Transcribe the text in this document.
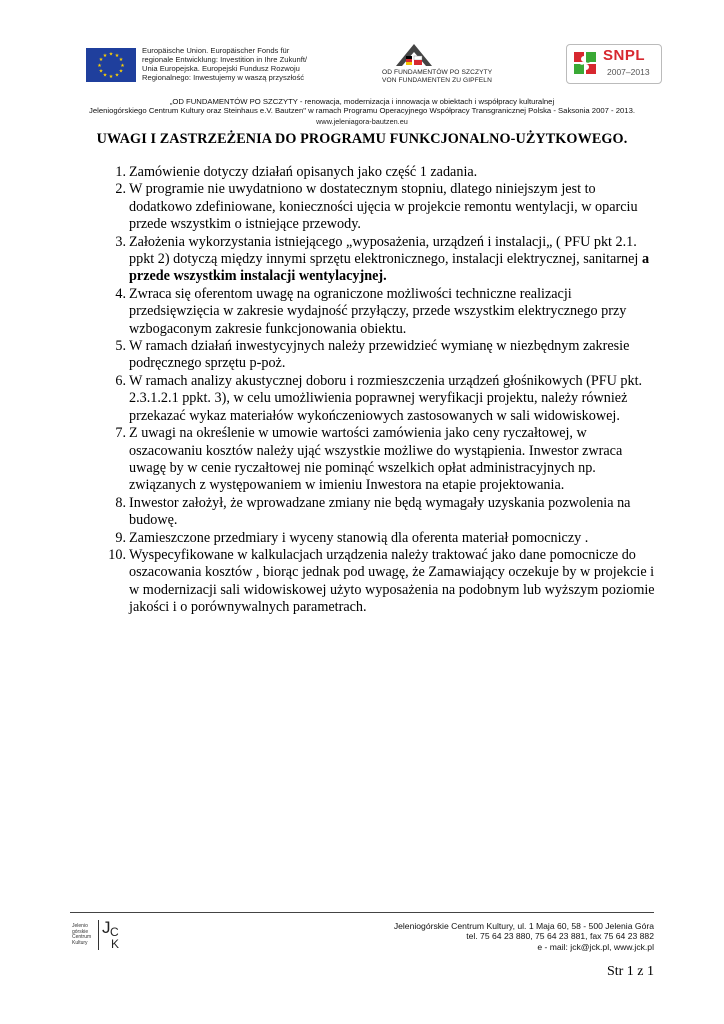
★ ★
★
★
★
★
★
★
★
★
★
★
Europäische Union. Europäischer Fonds für
regionale Entwicklung: Investition in Ihre Zukunft/
Unia Europejska. Europejski Fundusz Rozwoju
Regionalnego: Inwestujemy w waszą przyszłość
OD FUNDAMENTÓW PO SZCZYTY
VON FUNDAMENTEN ZU GIPFELN
SNPL
2007–2013
„OD FUNDAMENTÓW PO SZCZYTY - renowacja, modernizacja i innowacja w obiektach i współpracy kulturalnej
Jeleniogórskiego Centrum Kultury oraz Steinhaus e.V. Bautzen" w ramach Programu Operacyjnego Współpracy Transgranicznej Polska - Saksonia 2007 - 2013.
www.jeleniagora-bautzen.eu
UWAGI I ZASTRZEŻENIA DO PROGRAMU FUNKCJONALNO-UŻYTKOWEGO.
1. Zamówienie dotyczy działań opisanych jako część 1 zadania.
2. W programie nie uwydatniono w dostatecznym stopniu, dlatego niniejszym jest to dodatkowo zdefiniowane, konieczności ujęcia w projekcie remontu wentylacji, w oparciu przede wszystkim o istniejące przewody.
3. Założenia wykorzystania istniejącego „wyposażenia, urządzeń i instalacji„ ( PFU pkt 2.1. ppkt 2) dotyczą między innymi sprzętu elektronicznego, instalacji elektrycznej, sanitarnej a przede wszystkim instalacji wentylacyjnej.
4. Zwraca się oferentom uwagę na ograniczone możliwości techniczne realizacji przedsięwzięcia w zakresie wydajność przyłączy, przede wszystkim elektrycznego przy wzbogaconym zakresie funkcjonowania obiektu.
5. W ramach działań inwestycyjnych należy przewidzieć wymianę w niezbędnym zakresie podręcznego sprzętu p-poż.
6. W ramach analizy akustycznej doboru i rozmieszczenia urządzeń głośnikowych (PFU pkt. 2.3.1.2.1 ppkt. 3), w celu umożliwienia poprawnej weryfikacji projektu, należy również przekazać wykaz materiałów wykończeniowych zastosowanych w sali widowiskowej.
7. Z uwagi na określenie w umowie wartości zamówienia jako ceny ryczałtowej, w oszacowaniu kosztów należy ująć wszystkie możliwe do wystąpienia. Inwestor zwraca uwagę by w cenie ryczałtowej nie pominąć wszelkich opłat administracyjnych np. związanych z występowaniem w imieniu Inwestora na etapie projektowania.
8. Inwestor założył, że wprowadzane zmiany nie będą wymagały uzyskania pozwolenia na budowę.
9. Zamieszczone przedmiary i wyceny stanowią dla oferenta materiał pomocniczy .
10. Wyspecyfikowane w kalkulacjach urządzenia należy traktować jako dane pomocnicze do oszacowania kosztów , biorąc jednak pod uwagę, że Zamawiający oczekuje by w projekcie i w modernizacji sali widowiskowej użyto wyposażenia na podobnym lub wyższym poziomie jakości i o porównywalnych parametrach.
Jelenio
górskie
Centrum
Kultury
J C
K
Jeleniogórskie Centrum Kultury, ul. 1 Maja 60, 58 - 500 Jelenia Góra
tel. 75 64 23 880, 75 64 23 881, fax 75 64 23 882
e - mail: jck@jck.pl, www.jck.pl
Str 1 z 1
